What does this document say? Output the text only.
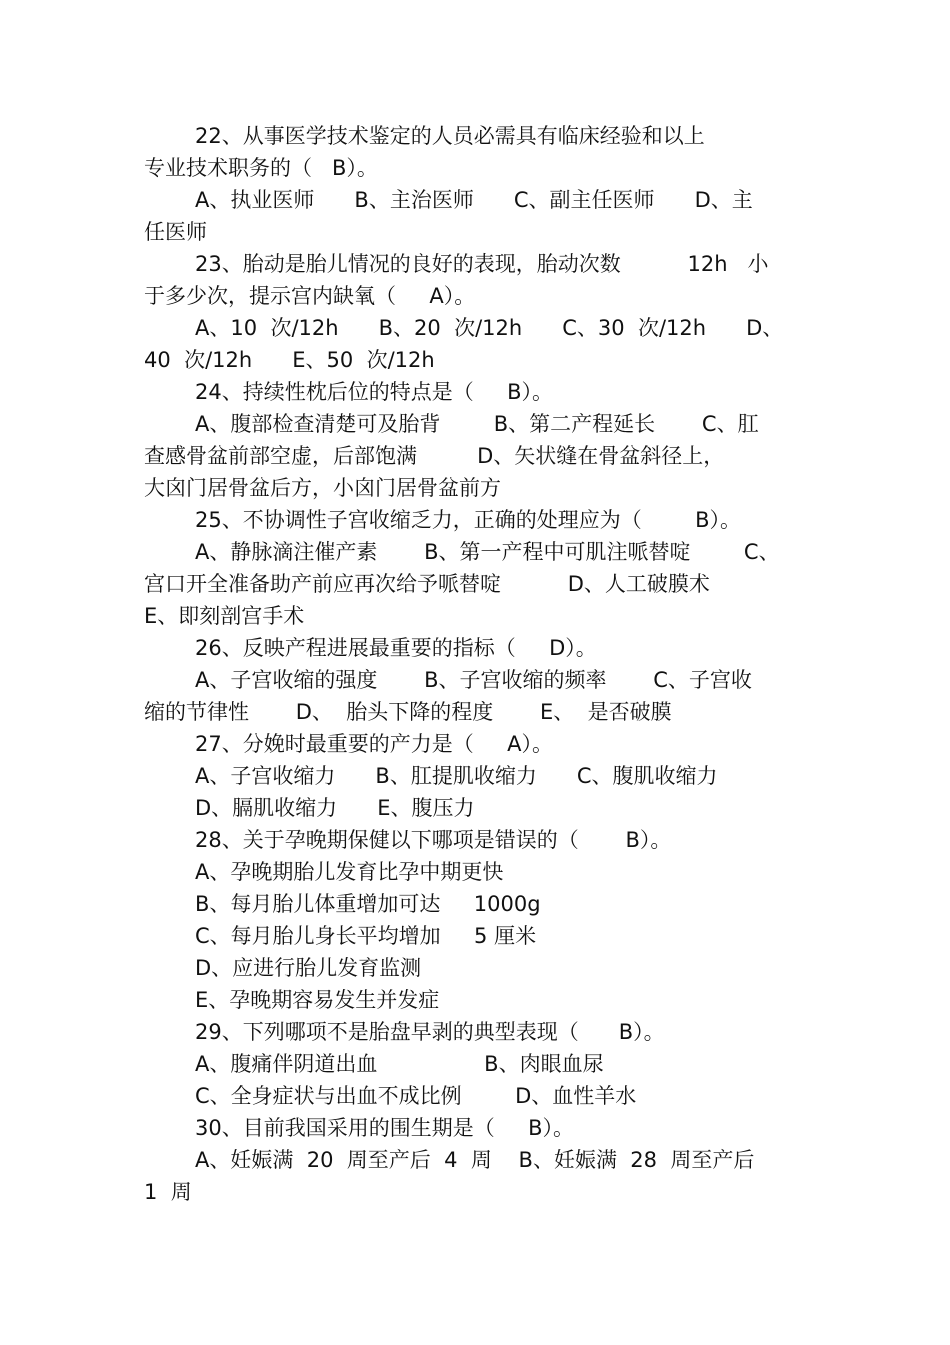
22、从事医学技术鉴定的人员必需具有临床经验和以上
专业技术职务的（   B）。
A、执业医师      B、主治医师      C、副主任医师      D、主
任医师
23、胎动是胎儿情况的良好的表现，胎动次数          12h   小
于多少次，提示宫内缺氧（     A）。
A、10  次/12h      B、20  次/12h      C、30  次/12h      D、
40  次/12h      E、50  次/12h
24、持续性枕后位的特点是（     B）。
A、腹部检查清楚可及胎背        B、第二产程延长       C、肛
查感骨盆前部空虚，后部饱满         D、矢状缝在骨盆斜径上，
大囟门居骨盆后方，小囟门居骨盆前方
25、不协调性子宫收缩乏力，正确的处理应为（        B）。
A、静脉滴注催产素       B、第一产程中可肌注哌替啶        C、
宫口开全准备助产前应再次给予哌替啶          D、人工破膜术
E、即刻剖宫手术
26、反映产程进展最重要的指标（     D）。
A、子宫收缩的强度       B、子宫收缩的频率       C、子宫收
缩的节律性       D、  胎头下降的程度       E、  是否破膜
27、分娩时最重要的产力是（     A）。
A、子宫收缩力      B、肛提肌收缩力      C、腹肌收缩力
D、膈肌收缩力      E、腹压力
28、关于孕晚期保健以下哪项是错误的（       B）。
A、孕晚期胎儿发育比孕中期更快
B、每月胎儿体重增加可达     1000g
C、每月胎儿身长平均增加     5 厘米
D、应进行胎儿发育监测
E、孕晚期容易发生并发症
29、下列哪项不是胎盘早剥的典型表现（      B）。
A、腹痛伴阴道出血                B、肉眼血尿
C、全身症状与出血不成比例        D、血性羊水
30、目前我国采用的围生期是（     B）。
A、妊娠满  20  周至产后  4  周    B、妊娠满  28  周至产后
1  周
